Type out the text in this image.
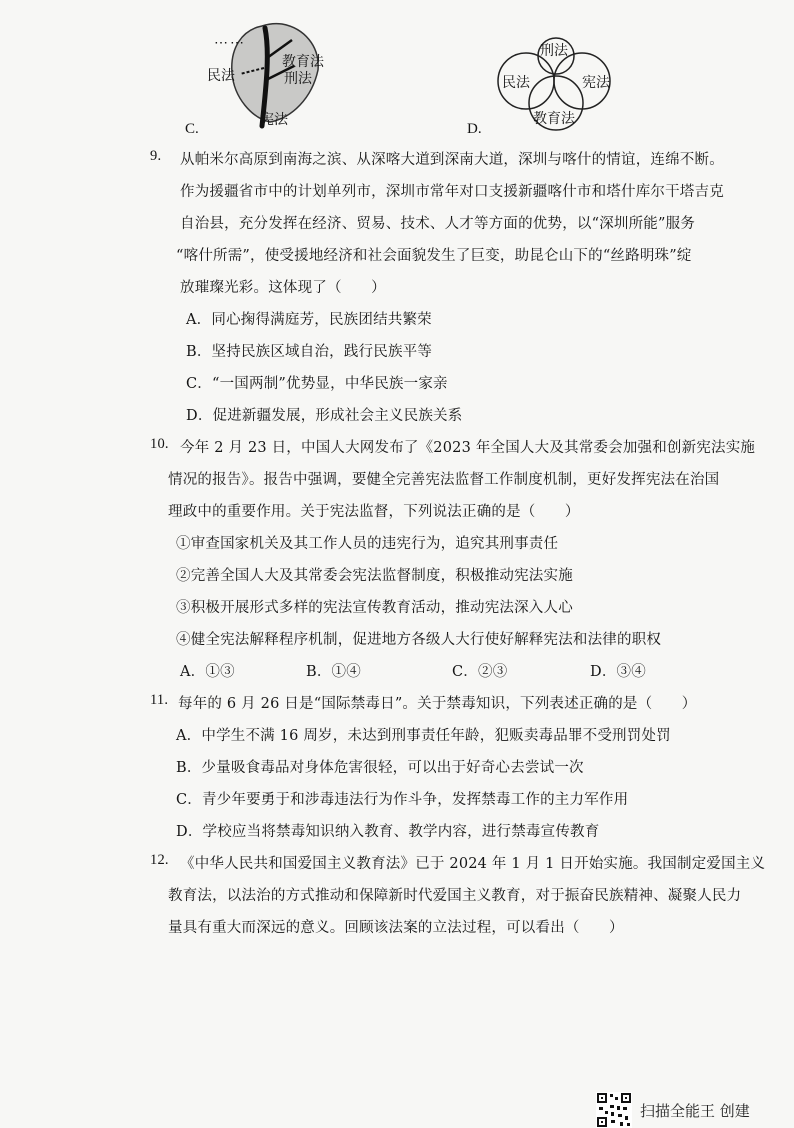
⋯⋯
教育法
民法	刑法
宪法
C.
刑法
民法	宪法
教育法
D.
9. 从帕米尔高原到南海之滨、从深喀大道到深南大道，深圳与喀什的情谊，连绵不断。
作为援疆省市中的计划单列市，深圳市常年对口支援新疆喀什市和塔什库尔干塔吉克
自治县，充分发挥在经济、贸易、技术、人才等方面的优势，以“深圳所能”服务
“喀什所需”，使受援地经济和社会面貌发生了巨变，助昆仑山下的“丝路明珠”绽
放璀璨光彩。这体现了（　　）
A．同心掬得满庭芳，民族团结共繁荣
B．坚持民族区域自治，践行民族平等
C．“一国两制”优势显，中华民族一家亲
D．促进新疆发展，形成社会主义民族关系
10. 今年 2 月 23 日，中国人大网发布了《2023 年全国人大及其常委会加强和创新宪法实施
情况的报告》。报告中强调，要健全完善宪法监督工作制度机制，更好发挥宪法在治国
理政中的重要作用。关于宪法监督，下列说法正确的是（　　）
①审查国家机关及其工作人员的违宪行为，追究其刑事责任
②完善全国人大及其常委会宪法监督制度，积极推动宪法实施
③积极开展形式多样的宪法宣传教育活动，推动宪法深入人心
④健全宪法解释程序机制，促进地方各级人大行使好解释宪法和法律的职权
A．①③	B．①④	C．②③	D．③④
11. 每年的 6 月 26 日是“国际禁毒日”。关于禁毒知识，下列表述正确的是（　　）
A．中学生不满 16 周岁，未达到刑事责任年龄，犯贩卖毒品罪不受刑罚处罚
B．少量吸食毒品对身体危害很轻，可以出于好奇心去尝试一次
C．青少年要勇于和涉毒违法行为作斗争，发挥禁毒工作的主力军作用
D．学校应当将禁毒知识纳入教育、教学内容，进行禁毒宣传教育
12. 《中华人民共和国爱国主义教育法》已于 2024 年 1 月 1 日开始实施。我国制定爱国主义
教育法，以法治的方式推动和保障新时代爱国主义教育，对于振奋民族精神、凝聚人民力
量具有重大而深远的意义。回顾该法案的立法过程，可以看出（　　）
扫描全能王 创建
